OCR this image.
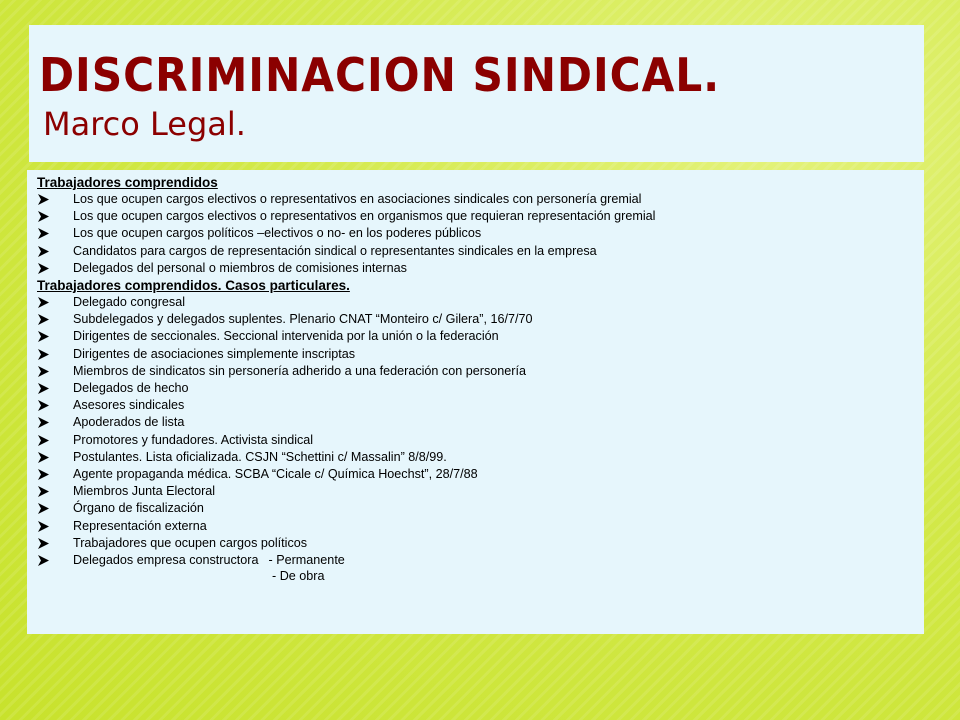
DISCRIMINACION SINDICAL.
Marco Legal.

Trabajadores comprendidos

Los que ocupen cargos electivos o representativos en asociaciones sindicales con personería gremial
Los que ocupen cargos electivos o representativos en organismos que requieran representación gremial
Los que ocupen cargos políticos –electivos o no- en los poderes públicos
Candidatos para cargos de representación sindical o representantes sindicales en la empresa
Delegados del personal o miembros de comisiones internas

Trabajadores comprendidos. Casos particulares.

Delegado congresal
Subdelegados y delegados suplentes. Plenario CNAT “Monteiro c/ Gilera”, 16/7/70
Dirigentes de seccionales. Seccional intervenida por la unión o la federación
Dirigentes de asociaciones simplemente inscriptas
Miembros de sindicatos sin personería adherido a una federación con personería
Delegados de hecho
Asesores sindicales
Apoderados de lista
Promotores y fundadores. Activista sindical
Postulantes. Lista oficializada. CSJN “Schettini c/ Massalin” 8/8/99.
Agente propaganda médica. SCBA “Cicale c/ Química Hoechst”, 28/7/88
Miembros Junta Electoral
Órgano de fiscalización
Representación externa
Trabajadores que ocupen cargos políticos
Delegados empresa constructora - Permanente
- De obra
